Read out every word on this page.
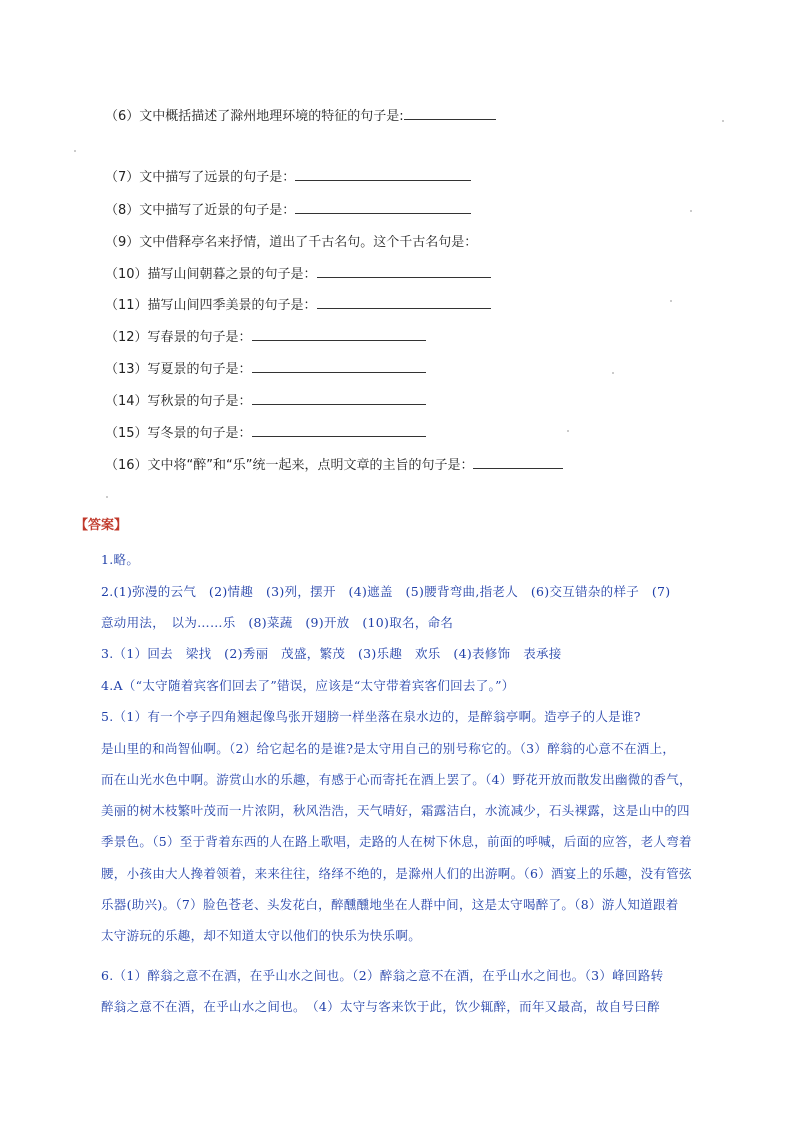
（6）文中概括描述了滁州地理环境的特征的句子是:
（7）文中描写了远景的句子是：
（8）文中描写了近景的句子是：
（9）文中借释亭名来抒情，道出了千古名句。这个千古名句是：
（10）描写山间朝暮之景的句子是：
（11）描写山间四季美景的句子是：
（12）写春景的句子是：
（13）写夏景的句子是：
（14）写秋景的句子是：
（15）写冬景的句子是：
（16）文中将“醉”和“乐”统一起来，点明文章的主旨的句子是：
【答案】
1.略。
2.(1)弥漫的云气　(2)情趣　(3)列，摆开　(4)遮盖　(5)腰背弯曲,指老人　(6)交互错杂的样子　(7)
意动用法，　以为……乐　(8)菜蔬　(9)开放　(10)取名，命名
3.（1）回去　梁找　(2)秀丽　茂盛，繁茂　(3)乐趣　欢乐　(4)表修饰　表承接
4.A（“太守随着宾客们回去了”错误，应该是“太守带着宾客们回去了。”）
5.（1）有一个亭子四角翘起像鸟张开翅膀一样坐落在泉水边的，是醉翁亭啊。造亭子的人是谁?
是山里的和尚智仙啊。（2）给它起名的是谁?是太守用自己的别号称它的。（3）醉翁的心意不在酒上，
而在山光水色中啊。游赏山水的乐趣，有感于心而寄托在酒上罢了。（4）野花开放而散发出幽微的香气，
美丽的树木枝繁叶茂而一片浓阴，秋风浩浩，天气晴好，霜露洁白，水流减少，石头裸露，这是山中的四
季景色。（5）至于背着东西的人在路上歌唱，走路的人在树下休息，前面的呼喊，后面的应答，老人弯着
腰，小孩由大人搀着领着，来来往往，络绎不绝的，是滁州人们的出游啊。（6）酒宴上的乐趣，没有管弦
乐器(助兴)。（7）脸色苍老、头发花白，醉醺醺地坐在人群中间，这是太守喝醉了。（8）游人知道跟着
太守游玩的乐趣，却不知道太守以他们的快乐为快乐啊。
6.（1）醉翁之意不在酒，在乎山水之间也。（2）醉翁之意不在酒，在乎山水之间也。（3）峰回路转
醉翁之意不在酒，在乎山水之间也。　（4）太守与客来饮于此，饮少辄醉，而年又最高，故自号曰醉
